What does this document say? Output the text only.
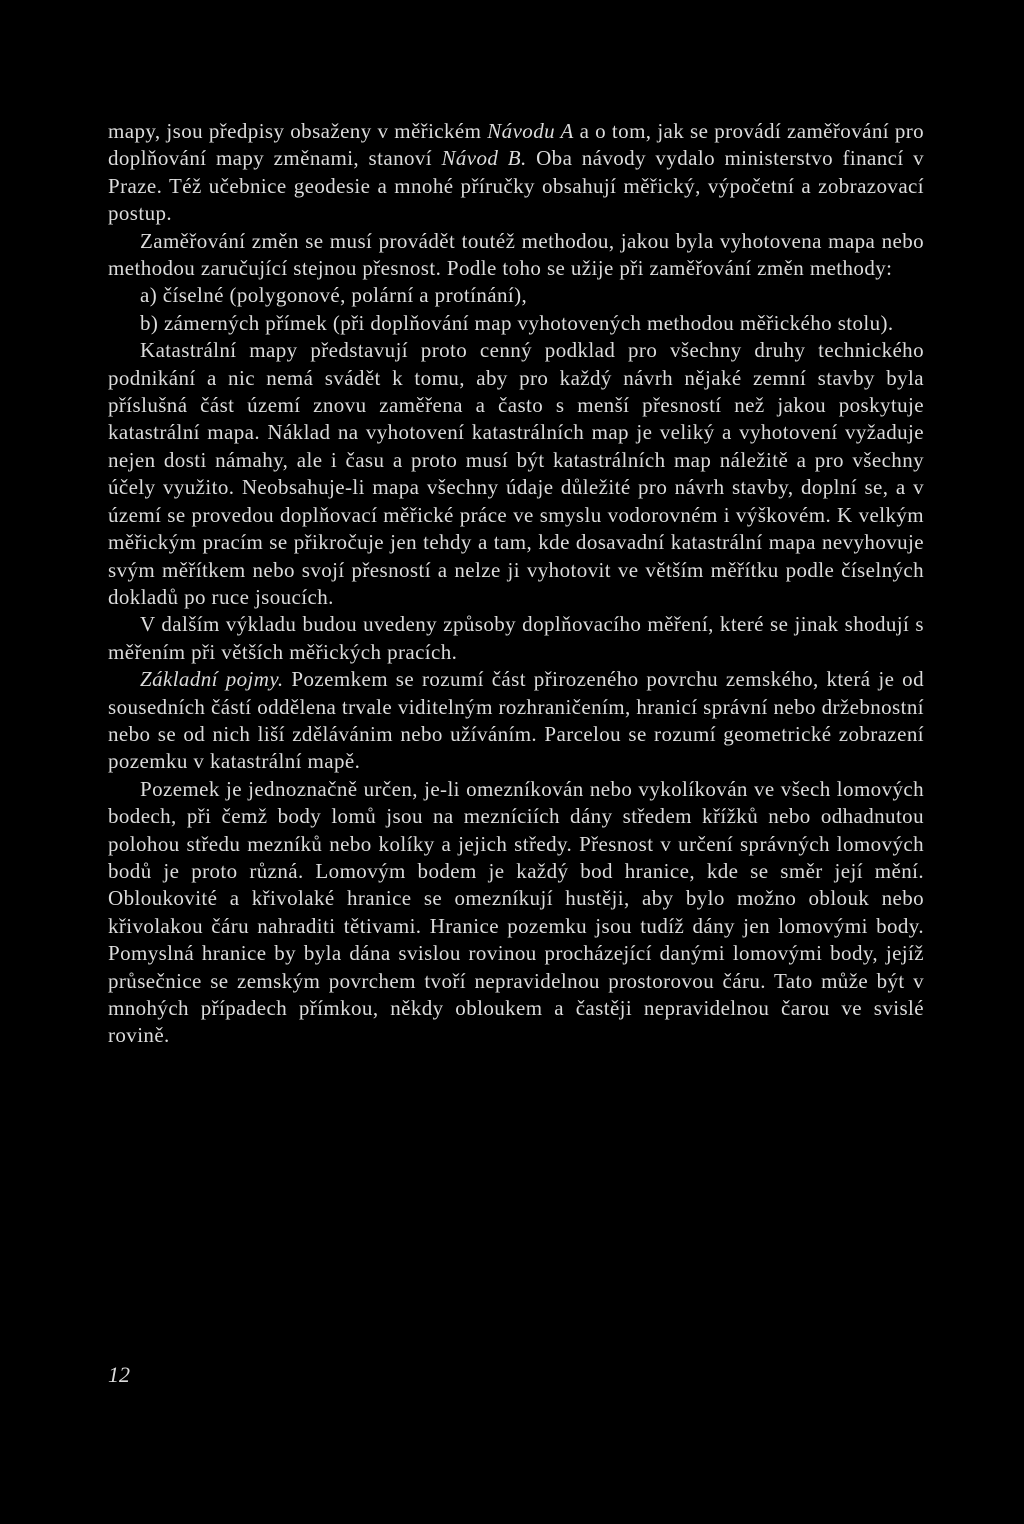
mapy, jsou předpisy obsaženy v měřickém Návodu A a o tom, jak se provádí zaměřování pro doplňování mapy změnami, stanoví Návod B. Oba návody vydalo ministerstvo financí v Praze. Též učebnice geodesie a mnohé příručky obsahují měřický, výpočetní a zobrazovací postup.

Zaměřování změn se musí provádět toutéž methodou, jakou byla vyhotovena mapa nebo methodou zaručující stejnou přesnost. Podle toho se užije při zaměřování změn methody:

a) číselné (polygonové, polární a protínání),

b) zámerných přímek (při doplňování map vyhotovených methodou měřického stolu).

Katastrální mapy představují proto cenný podklad pro všechny druhy technického podnikání a nic nemá svádět k tomu, aby pro každý návrh nějaké zemní stavby byla příslušná část území znovu zaměřena a často s menší přesností než jakou poskytuje katastrální mapa. Náklad na vyhotovení katastrálních map je veliký a vyhotovení vyžaduje nejen dosti námahy, ale i času a proto musí být katastrálních map náležitě a pro všechny účely využito. Neobsahuje-li mapa všechny údaje důležité pro návrh stavby, doplní se, a v území se provedou doplňovací měřické práce ve smyslu vodorovném i výškovém. K velkým měřickým pracím se přikročuje jen tehdy a tam, kde dosavadní katastrální mapa nevyhovuje svým měřítkem nebo svojí přesností a nelze ji vyhotovit ve větším měřítku podle číselných dokladů po ruce jsoucích.

V dalším výkladu budou uvedeny způsoby doplňovacího měření, které se jinak shodují s měřením při větších měřických pracích.

Základní pojmy. Pozemkem se rozumí část přirozeného povrchu zemského, která je od sousedních částí oddělena trvale viditelným rozhraničením, hranicí správní nebo držebnostní nebo se od nich liší zdělávánim nebo užíváním. Parcelou se rozumí geometrické zobrazení pozemku v katastrální mapě.

Pozemek je jednoznačně určen, je-li omezníkován nebo vykolíkován ve všech lomových bodech, při čemž body lomů jsou na mezníciích dány středem křížků nebo odhadnutou polohou středu mezníků nebo kolíky a jejich středy. Přesnost v určení správných lomových bodů je proto různá. Lomovým bodem je každý bod hranice, kde se směr její mění. Obloukovité a křivolaké hranice se omezníkují hustěji, aby bylo možno oblouk nebo křivolakou čáru nahraditi tětivami. Hranice pozemku jsou tudíž dány jen lomovými body. Pomyslná hranice by byla dána svislou rovinou procházející danými lomovými body, jejíž průsečnice se zemským povrchem tvoří nepravidelnou prostorovou čáru. Tato může být v mnohých případech přímkou, někdy obloukem a častěji nepravidelnou čarou ve svislé rovině.

12
